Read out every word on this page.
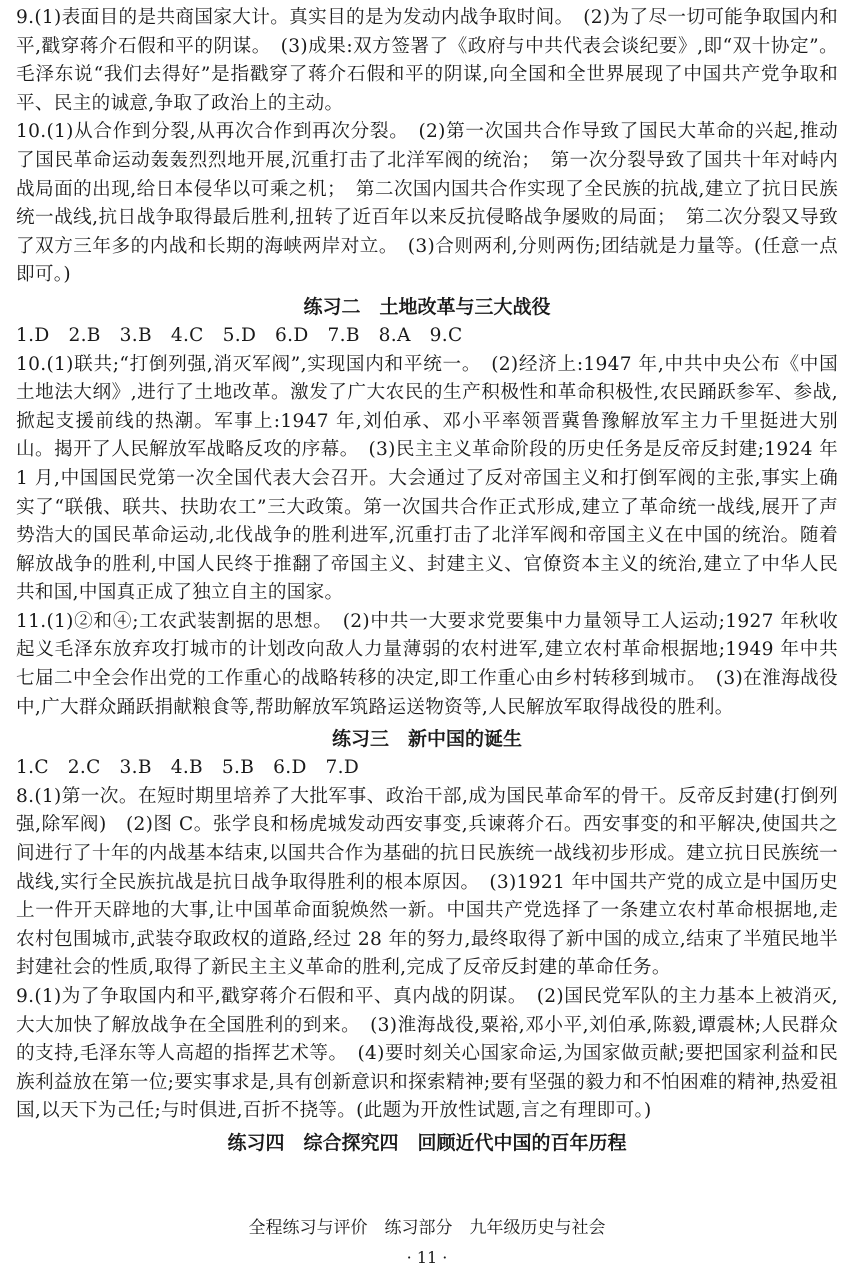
9.(1)表面目的是共商国家大计。真实目的是为发动内战争取时间。　(2)为了尽一切可能争取国内和平,戳穿蒋介石假和平的阴谋。　(3)成果:双方签署了《政府与中共代表会谈纪要》,即“双十协定”。毛泽东说“我们去得好”是指戳穿了蒋介石假和平的阴谋,向全国和全世界展现了中国共产党争取和平、民主的诚意,争取了政治上的主动。

10.(1)从合作到分裂,从再次合作到再次分裂。　(2)第一次国共合作导致了国民大革命的兴起,推动了国民革命运动轰轰烈烈地开展,沉重打击了北洋军阀的统治；　第一次分裂导致了国共十年对峙内战局面的出现,给日本侵华以可乘之机；　第二次国内国共合作实现了全民族的抗战,建立了抗日民族统一战线,抗日战争取得最后胜利,扭转了近百年以来反抗侵略战争屡败的局面；　第二次分裂又导致了双方三年多的内战和长期的海峡两岸对立。　(3)合则两利,分则两伤;团结就是力量等。(任意一点即可。)

练习二　土地改革与三大战役

1.D　2.B　3.B　4.C　5.D　6.D　7.B　8.A　9.C

10.(1)联共;“打倒列强,消灭军阀”,实现国内和平统一。　(2)经济上:1947 年,中共中央公布《中国土地法大纲》,进行了土地改革。激发了广大农民的生产积极性和革命积极性,农民踊跃参军、参战,掀起支援前线的热潮。军事上:1947 年,刘伯承、邓小平率领晋冀鲁豫解放军主力千里挺进大别山。揭开了人民解放军战略反攻的序幕。　(3)民主主义革命阶段的历史任务是反帝反封建;1924 年 1 月,中国国民党第一次全国代表大会召开。大会通过了反对帝国主义和打倒军阀的主张,事实上确实了“联俄、联共、扶助农工”三大政策。第一次国共合作正式形成,建立了革命统一战线,展开了声势浩大的国民革命运动,北伐战争的胜利进军,沉重打击了北洋军阀和帝国主义在中国的统治。随着解放战争的胜利,中国人民终于推翻了帝国主义、封建主义、官僚资本主义的统治,建立了中华人民共和国,中国真正成了独立自主的国家。

11.(1)②和④;工农武装割据的思想。　(2)中共一大要求党要集中力量领导工人运动;1927 年秋收起义毛泽东放弃攻打城市的计划改向敌人力量薄弱的农村进军,建立农村革命根据地;1949 年中共七届二中全会作出党的工作重心的战略转移的决定,即工作重心由乡村转移到城市。　(3)在淮海战役中,广大群众踊跃捐献粮食等,帮助解放军筑路运送物资等,人民解放军取得战役的胜利。

练习三　新中国的诞生

1.C　2.C　3.B　4.B　5.B　6.D　7.D

8.(1)第一次。在短时期里培养了大批军事、政治干部,成为国民革命军的骨干。反帝反封建(打倒列强,除军阀)　(2)图 C。张学良和杨虎城发动西安事变,兵谏蒋介石。西安事变的和平解决,使国共之间进行了十年的内战基本结束,以国共合作为基础的抗日民族统一战线初步形成。建立抗日民族统一战线,实行全民族抗战是抗日战争取得胜利的根本原因。　(3)1921 年中国共产党的成立是中国历史上一件开天辟地的大事,让中国革命面貌焕然一新。中国共产党选择了一条建立农村革命根据地,走农村包围城市,武装夺取政权的道路,经过 28 年的努力,最终取得了新中国的成立,结束了半殖民地半封建社会的性质,取得了新民主主义革命的胜利,完成了反帝反封建的革命任务。

9.(1)为了争取国内和平,戳穿蒋介石假和平、真内战的阴谋。　(2)国民党军队的主力基本上被消灭,大大加快了解放战争在全国胜利的到来。　(3)淮海战役,粟裕,邓小平,刘伯承,陈毅,谭震林;人民群众的支持,毛泽东等人高超的指挥艺术等。　(4)要时刻关心国家命运,为国家做贡献;要把国家利益和民族利益放在第一位;要实事求是,具有创新意识和探索精神;要有坚强的毅力和不怕困难的精神,热爱祖国,以天下为己任;与时俱进,百折不挠等。(此题为开放性试题,言之有理即可。)

练习四　综合探究四　回顾近代中国的百年历程
全程练习与评价　练习部分　九年级历史与社会
· 11 ·
